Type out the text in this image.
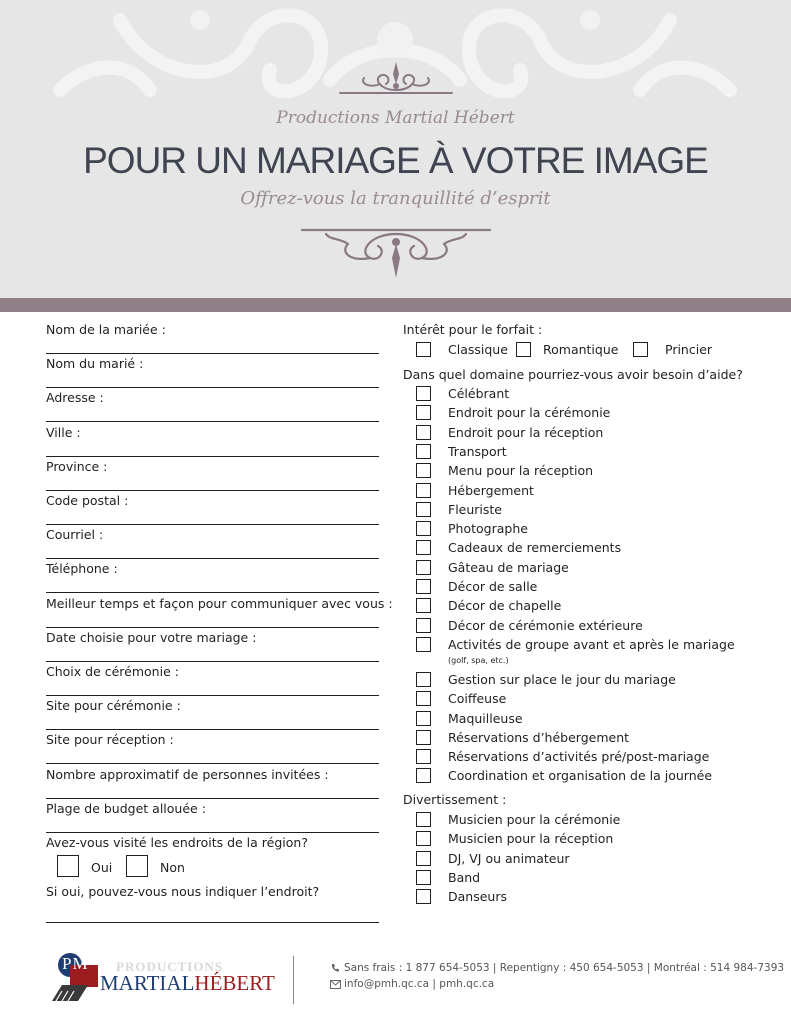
Productions Martial Hébert
POUR UN MARIAGE À VOTRE IMAGE
Offrez-vous la tranquillité d’esprit
Nom de la mariée :
Nom du marié :
Adresse :
Ville :
Province :
Code postal :
Courriel :
Téléphone :
Meilleur temps et façon pour communiquer avec vous :
Date choisie pour votre mariage :
Choix de cérémonie :
Site pour cérémonie :
Site pour réception :
Nombre approximatif de personnes invitées :
Plage de budget allouée :
Avez-vous visité les endroits de la région?
Oui	Non
Si oui, pouvez-vous nous indiquer l’endroit?
Intérêt pour le forfait :
Classique	Romantique	Princier
Dans quel domaine pourriez-vous avoir besoin d’aide?
Célébrant
Endroit pour la cérémonie
Endroit pour la réception
Transport
Menu pour la réception
Hébergement
Fleuriste
Photographe
Cadeaux de remerciements
Gâteau de mariage
Décor de salle
Décor de chapelle
Décor de cérémonie extérieure
Activités de groupe avant et après le mariage
(golf, spa, etc.)
Gestion sur place le jour du mariage
Coiffeuse
Maquilleuse
Réservations d’hébergement
Réservations d’activités pré/post-mariage
Coordination et organisation de la journée
Divertissement :
Musicien pour la cérémonie
Musicien pour la réception
DJ, VJ ou animateur
Band
Danseurs
PM	PRODUCTIONS
MARTIALHÉBERT
Sans frais : 1 877 654-5053 | Repentigny : 450 654-5053 | Montréal : 514 984-7393
info@pmh.qc.ca | pmh.qc.ca
